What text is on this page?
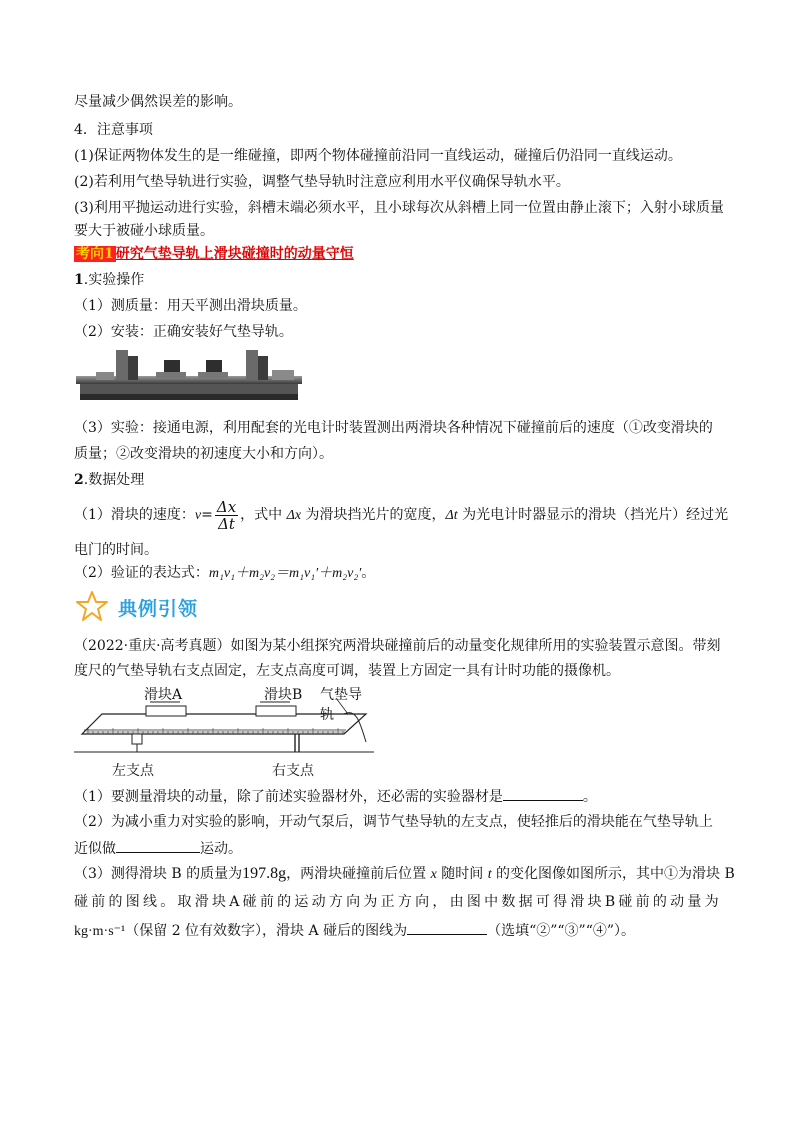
尽量减少偶然误差的影响。
4．注意事项
(1)保证两物体发生的是一维碰撞，即两个物体碰撞前沿同一直线运动，碰撞后仍沿同一直线运动。
(2)若利用气垫导轨进行实验，调整气垫导轨时注意应利用水平仪确保导轨水平。
(3)利用平抛运动进行实验，斜槽末端必须水平，且小球每次从斜槽上同一位置由静止滚下；入射小球质量
要大于被碰小球质量。
考向1 研究气垫导轨上滑块碰撞时的动量守恒
1.实验操作
（1）测质量：用天平测出滑块质量。
（2）安装：正确安装好气垫导轨。
（3）实验：接通电源，利用配套的光电计时装置测出两滑块各种情况下碰撞前后的速度（①改变滑块的
质量；②改变滑块的初速度大小和方向）。
2.数据处理
（1）滑块的速度：$v= \frac{\Delta x}{\Delta t}$ ，式中 Δx 为滑块挡光片的宽度，Δt 为光电计时器显示的滑块（挡光片）经过光
电门的时间。
（2）验证的表达式：m₁v₁＋m₂v₂＝m₁v₁′＋m₂v₂′。
典例引领
（2022·重庆·高考真题）如图为某小组探究两滑块碰撞前后的动量变化规律所用的实验装置示意图。带刻
度尺的气垫导轨右支点固定，左支点高度可调，装置上方固定一具有计时功能的摄像机。
滑块A	滑块B 气垫导轨
左支点	右支点
（1）要测量滑块的动量，除了前述实验器材外，还必需的实验器材是	。
（2）为减小重力对实验的影响，开动气泵后，调节气垫导轨的左支点，使轻推后的滑块能在气垫导轨上
近似做	运动。
（3）测得滑块 B 的质量为197.8g，两滑块碰撞前后位置 x 随时间 t 的变化图像如图所示，其中①为滑块 B
碰 前 的 图 线 。 取 滑 块 A 碰 前 的 运 动 方 向 为 正 方 向 ， 由 图 中 数 据 可 得 滑 块 B 碰 前 的 动 量 为
kg·m·s⁻¹（保留 2 位有效数字），滑块 A 碰后的图线为	（选填“②”“③”“④”）。
